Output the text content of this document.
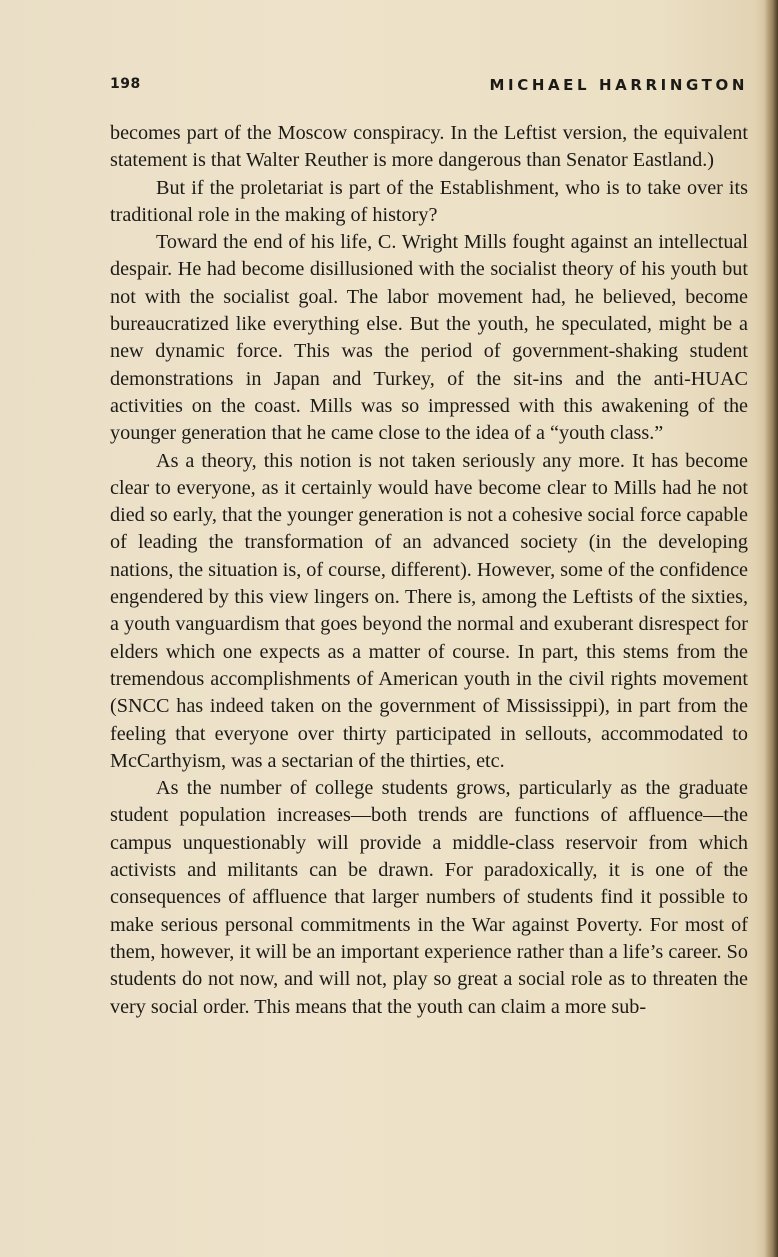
198	MICHAEL HARRINGTON

becomes part of the Moscow conspiracy. In the Leftist version, the equivalent statement is that Walter Reuther is more dangerous than Senator Eastland.)

But if the proletariat is part of the Establishment, who is to take over its traditional role in the making of history?

Toward the end of his life, C. Wright Mills fought against an intellectual despair. He had become disillusioned with the socialist theory of his youth but not with the socialist goal. The labor movement had, he believed, become bureaucratized like everything else. But the youth, he speculated, might be a new dynamic force. This was the period of government-shaking student demonstrations in Japan and Turkey, of the sit-ins and the anti-HUAC activities on the coast. Mills was so impressed with this awakening of the younger generation that he came close to the idea of a “youth class.”

As a theory, this notion is not taken seriously any more. It has become clear to everyone, as it certainly would have become clear to Mills had he not died so early, that the younger generation is not a cohesive social force capable of leading the transformation of an advanced society (in the developing nations, the situation is, of course, different). However, some of the confidence engendered by this view lingers on. There is, among the Leftists of the sixties, a youth vanguardism that goes beyond the normal and exuberant disrespect for elders which one expects as a matter of course. In part, this stems from the tremendous accomplishments of American youth in the civil rights movement (SNCC has indeed taken on the government of Mississippi), in part from the feeling that everyone over thirty participated in sellouts, accommodated to McCarthyism, was a sectarian of the thirties, etc.

As the number of college students grows, particularly as the graduate student population increases—both trends are functions of affluence—the campus unquestionably will provide a middle-class reservoir from which activists and militants can be drawn. For paradoxically, it is one of the consequences of affluence that larger numbers of students find it possible to make serious personal commitments in the War against Poverty. For most of them, however, it will be an important experience rather than a life’s career. So students do not now, and will not, play so great a social role as to threaten the very social order. This means that the youth can claim a more sub-
